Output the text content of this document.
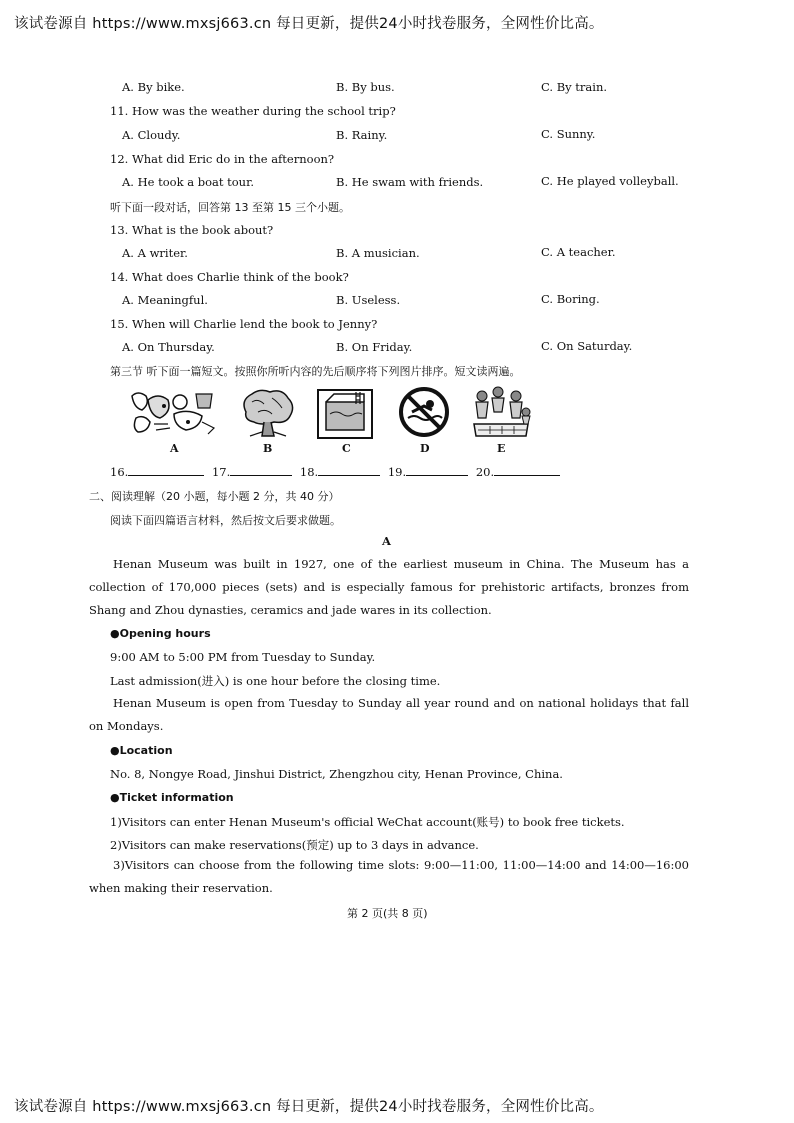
该试卷源自 https://www.mxsj663.cn 每日更新，提供24小时找卷服务，全网性价比高。
A. By bike.	B. By bus.	C. By train.
11. How was the weather during the school trip?
A. Cloudy.	B. Rainy.	C. Sunny.
12. What did Eric do in the afternoon?
A. He took a boat tour.	B. He swam with friends.	C. He played volleyball.
听下面一段对话，回答第 13 至第 15 三个小题。
13. What is the book about?
A. A writer.	B. A musician.	C. A teacher.
14. What does Charlie think of the book?
A. Meaningful.	B. Useless.	C. Boring.
15. When will Charlie lend the book to Jenny?
A. On Thursday.	B. On Friday.	C. On Saturday.
第三节 听下面一篇短文。按照你所听内容的先后顺序将下列图片排序。短文读两遍。
A	B	C	D	E
16.	17.	18.	19.	20.
二、阅读理解（20 小题，每小题 2 分，共 40 分）
阅读下面四篇语言材料，然后按文后要求做题。
A
Henan Museum was built in 1927, one of the earliest museum in China. The Museum has a collection of 170,000 pieces (sets) and is especially famous for prehistoric artifacts, bronzes from Shang and Zhou dynasties, ceramics and jade wares in its collection.
●Opening hours
9:00 AM to 5:00 PM from Tuesday to Sunday.
Last admission(进入) is one hour before the closing time.
Henan Museum is open from Tuesday to Sunday all year round and on national holidays that fall on Mondays.
●Location
No. 8, Nongye Road, Jinshui District, Zhengzhou city, Henan Province, China.
●Ticket information
1)Visitors can enter Henan Museum's official WeChat account(账号) to book free tickets.
2)Visitors can make reservations(预定) up to 3 days in advance.
3)Visitors can choose from the following time slots: 9:00—11:00, 11:00—14:00 and 14:00—16:00 when making their reservation.
第 2 页(共 8 页)
该试卷源自 https://www.mxsj663.cn 每日更新，提供24小时找卷服务，全网性价比高。
